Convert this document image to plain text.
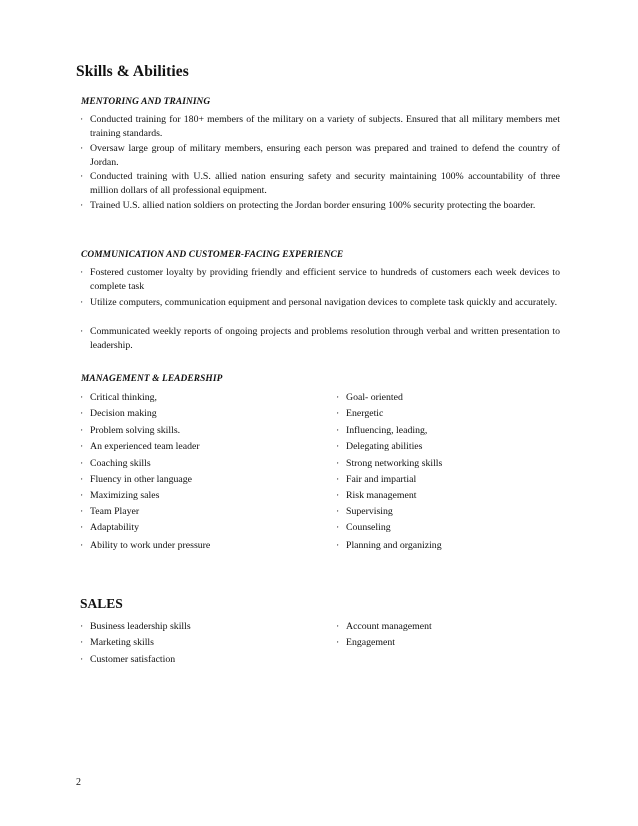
Skills & Abilities
MENTORING AND TRAINING
· Conducted training for 180+ members of the military on a variety of subjects. Ensured that all military members met training standards.
· Oversaw large group of military members, ensuring each person was prepared and trained to defend the country of Jordan.
· Conducted training with U.S. allied nation ensuring safety and security maintaining 100% accountability of three million dollars of all professional equipment.
· Trained U.S. allied nation soldiers on protecting the Jordan border ensuring 100% security protecting the boarder.
COMMUNICATION AND CUSTOMER-FACING EXPERIENCE
· Fostered customer loyalty by providing friendly and efficient service to hundreds of customers each week devices to complete task
· Utilize computers, communication equipment and personal navigation devices to complete task quickly and accurately.
· Communicated weekly reports of ongoing projects and problems resolution through verbal and written presentation to leadership.
MANAGEMENT & LEADERSHIP
· Critical thinking,
· Decision making
· Problem solving skills.
· An experienced team leader
· Coaching skills
· Fluency in other language
· Maximizing sales
· Team Player
· Adaptability
· Ability to work under pressure
· Goal- oriented
· Energetic
· Influencing, leading,
· Delegating abilities
· Strong networking skills
· Fair and impartial
· Risk management
· Supervising
· Counseling
· Planning and organizing
SALES
· Business leadership skills
· Marketing skills
· Customer satisfaction
· Account management
· Engagement
2
